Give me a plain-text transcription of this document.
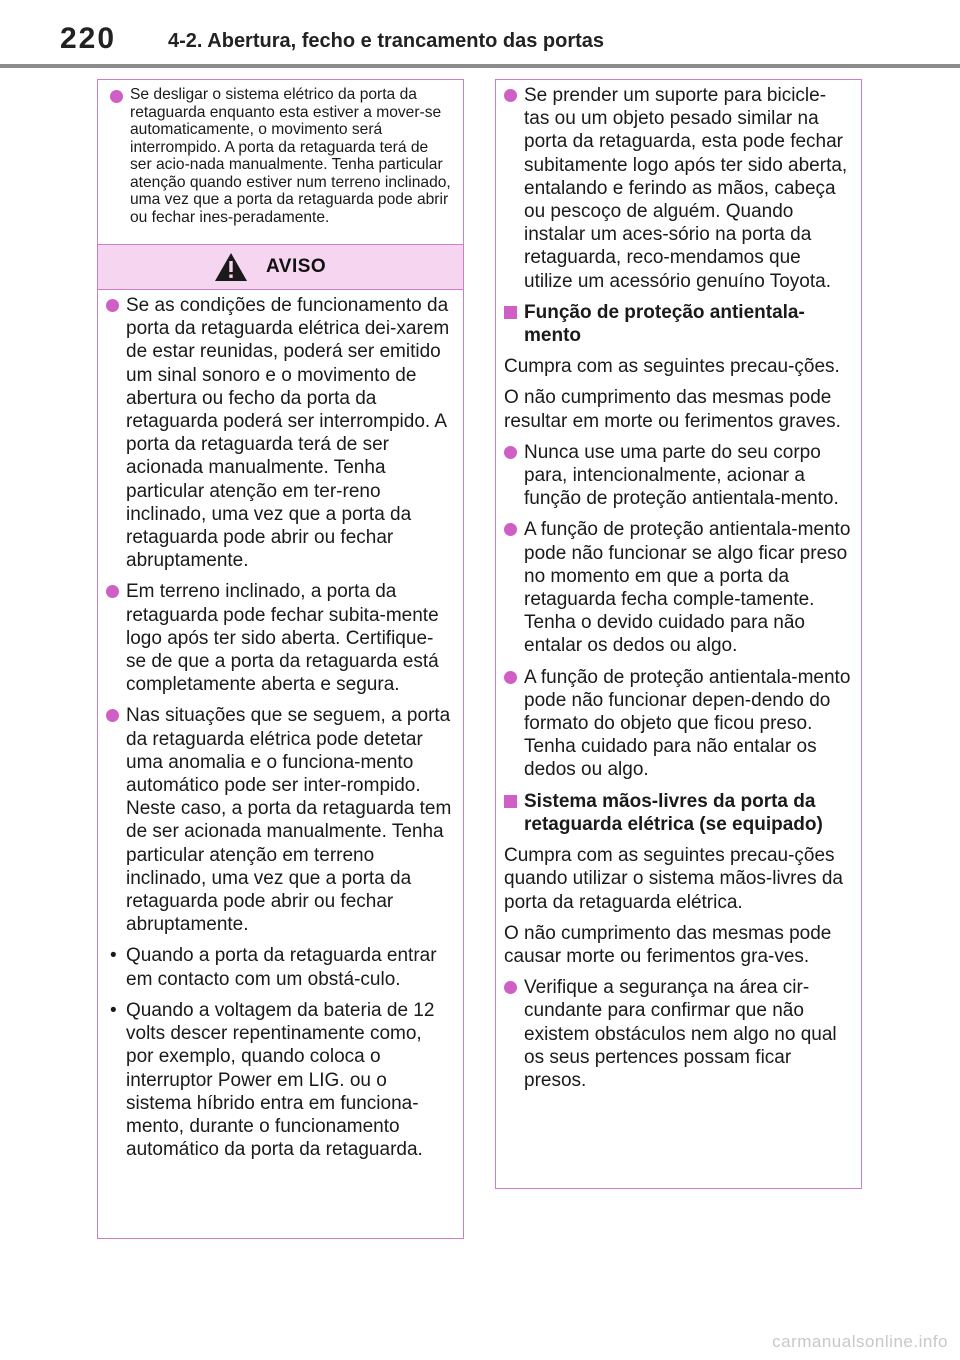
220	4-2. Abertura, fecho e trancamento das portas
Se desligar o sistema elétrico da porta da retaguarda enquanto esta estiver a mover-se automaticamente, o movimento será interrompido. A porta da retaguarda terá de ser acio-nada manualmente. Tenha particular atenção quando estiver num terreno inclinado, uma vez que a porta da retaguarda pode abrir ou fechar ines-peradamente.
AVISO
Se as condições de funcionamento da porta da retaguarda elétrica dei-xarem de estar reunidas, poderá ser emitido um sinal sonoro e o movimento de abertura ou fecho da porta da retaguarda poderá ser interrompido. A porta da retaguarda terá de ser acionada manualmente. Tenha particular atenção em ter-reno inclinado, uma vez que a porta da retaguarda pode abrir ou fechar abruptamente.
Em terreno inclinado, a porta da retaguarda pode fechar subita-mente logo após ter sido aberta. Certifique-se de que a porta da retaguarda está completamente aberta e segura.
Nas situações que se seguem, a porta da retaguarda elétrica pode detetar uma anomalia e o funciona-mento automático pode ser inter-rompido. Neste caso, a porta da retaguarda tem de ser acionada manualmente. Tenha particular atenção em terreno inclinado, uma vez que a porta da retaguarda pode abrir ou fechar abruptamente.
• Quando a porta da retaguarda entrar em contacto com um obstá-culo.
• Quando a voltagem da bateria de 12 volts descer repentinamente como, por exemplo, quando coloca o interruptor Power em LIG. ou o sistema híbrido entra em funciona-mento, durante o funcionamento automático da porta da retaguarda.
Se prender um suporte para bicicle-tas ou um objeto pesado similar na porta da retaguarda, esta pode fechar subitamente logo após ter sido aberta, entalando e ferindo as mãos, cabeça ou pescoço de alguém. Quando instalar um aces-sório na porta da retaguarda, reco-mendamos que utilize um acessório genuíno Toyota.
Função de proteção antientala-mento
Cumpra com as seguintes precau-ções.
O não cumprimento das mesmas pode resultar em morte ou ferimentos graves.
Nunca use uma parte do seu corpo para, intencionalmente, acionar a função de proteção antientala-mento.
A função de proteção antientala-mento pode não funcionar se algo ficar preso no momento em que a porta da retaguarda fecha comple-tamente. Tenha o devido cuidado para não entalar os dedos ou algo.
A função de proteção antientala-mento pode não funcionar depen-dendo do formato do objeto que ficou preso. Tenha cuidado para não entalar os dedos ou algo.
Sistema mãos-livres da porta da retaguarda elétrica (se equipado)
Cumpra com as seguintes precau-ções quando utilizar o sistema mãos-livres da porta da retaguarda elétrica.
O não cumprimento das mesmas pode causar morte ou ferimentos gra-ves.
Verifique a segurança na área cir-cundante para confirmar que não existem obstáculos nem algo no qual os seus pertences possam ficar presos.
carmanualsonline.info
